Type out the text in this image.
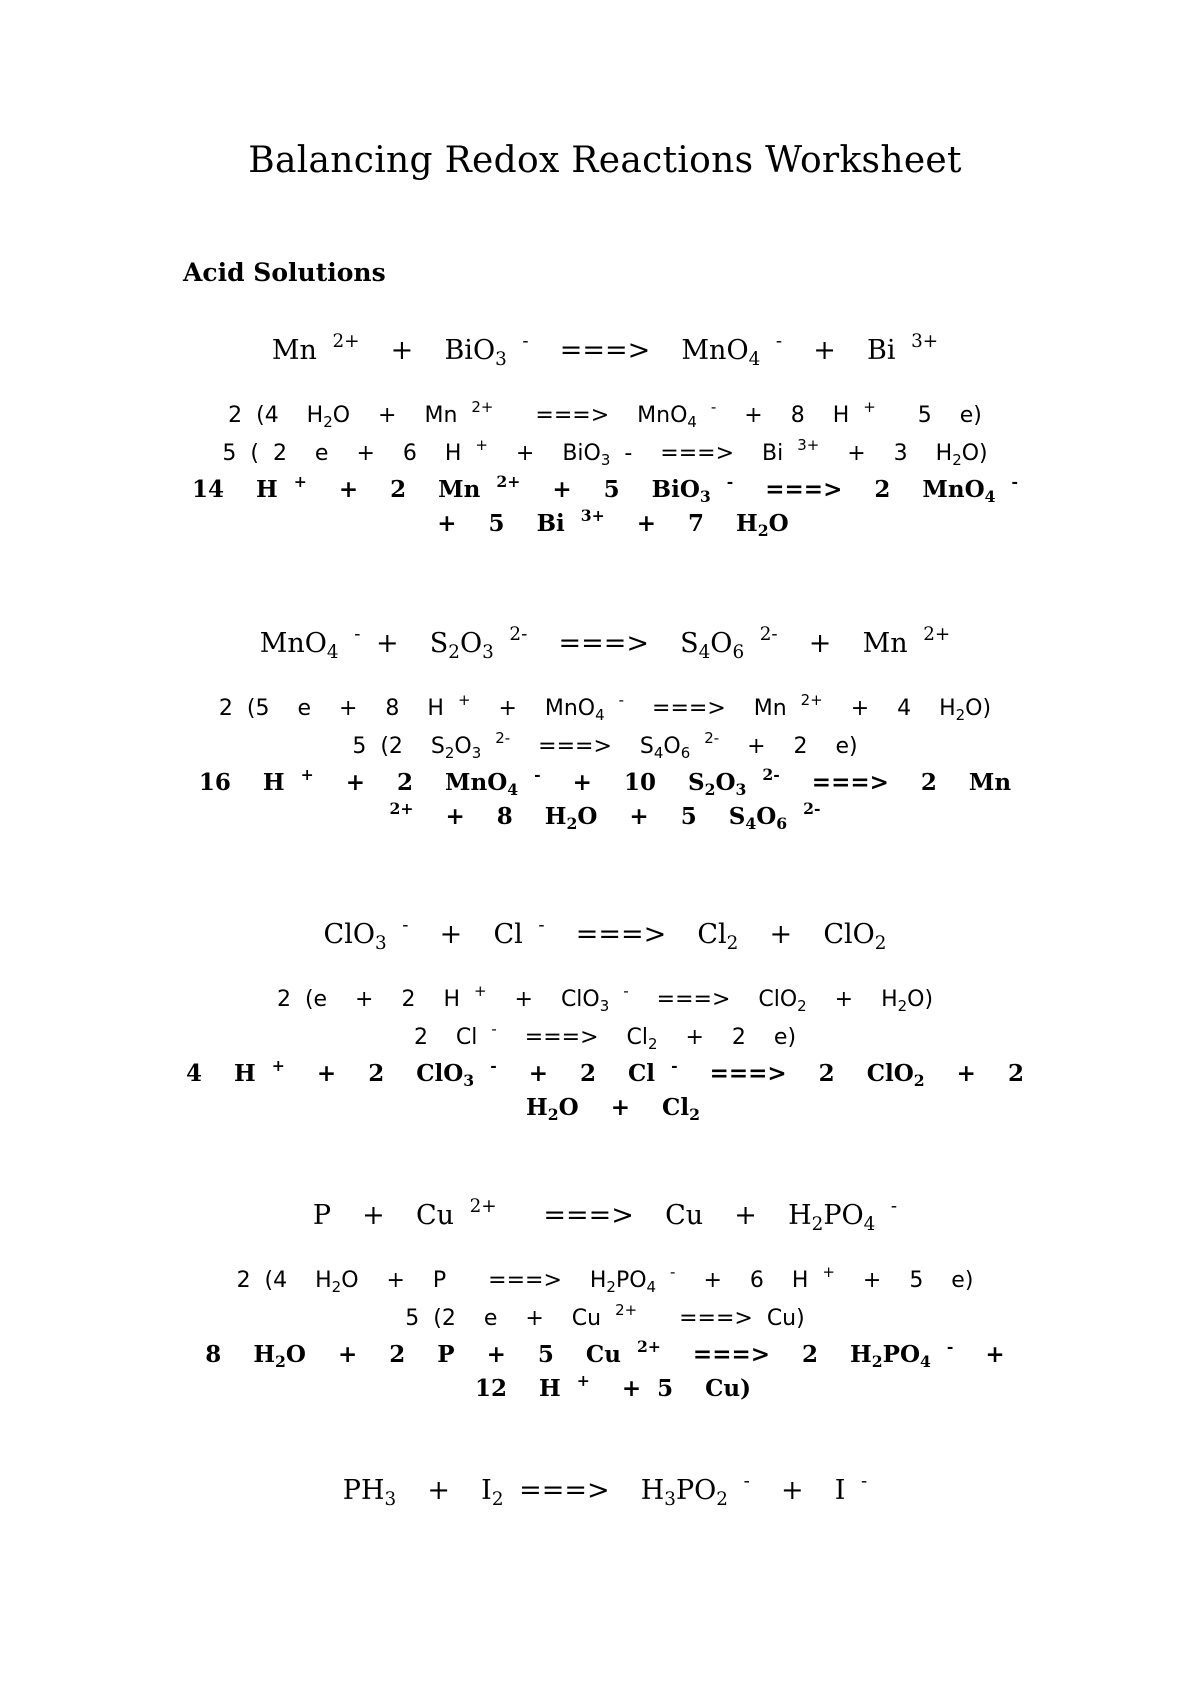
Balancing Redox Reactions Worksheet
Acid Solutions
Mn $^{2+}$  +  BiO$_3$ -  ===>  MnO$_4$ -  +  Bi $^{3+}$
2 (4  $H_2O + Mn$ $^{2+}$   ===>  MnO$_4$ -  +  8  H +   5  e)
5 ( 2  e  +  6  H +  +  BiO$_3$ -  ===>  Bi $^{3+}$  +  3  $H_2O$)
14  H +  +  2  Mn $^{2+}$  +  5  BiO$_3$ -  ===>  2  MnO$_4$ -  +  5  Bi $^{3+}$  +  7  $H_2O$
MnO$_4$ $^- + S_2O_3$ $^{2-}$  ===>  $S_4O_6$ $^{2-}$  +  Mn $^{2+}$
2 (5  e  +  8  H +  +  MnO$_4$ -  ===>  Mn $^{2+}$  +  4  $H_2O$)
5 (2  $S_2O_3$ $^{2-}$  ===>  $S_4O_6$ $^{2-}$  +  2  e)
16  H +  +  2  MnO$_4$ -  +  10  $S_2O_3$ $^{2-}$  ===>  2  Mn $^{2+}$  +  8  $H_2O + 5$  $S_4O_6$ $^{2-}$
ClO$_3$ -  +  Cl -  ===>  $Cl_2 + ClO_2$
2 (e  +  2  H +  +  ClO$_3$ -  ===>  $ClO_2 + H_2O$)
2  Cl -  ===>  $Cl_2 + 2$  e)
4  H +  +  2  ClO$_3$ -  +  2  Cl -  ===>  2  ClO$_2$  +  2  $H_2O + Cl_2$
P  +  Cu $^{2+}$   ===>  $Cu + H_2PO_4$ -
2 (4  $H_2O + P$   ===>  $H_2PO_4$ -  +  6  H +  +  5  e)
5 (2  e  +  Cu $^{2+}$   ===> Cu)
8  $H_2O + 2$  P  +  5  Cu $^{2+}$  ===>  2  $H_2PO_4$ -  +  12  H +  + 5  Cu)
$PH_3 + I_2$ ===>  $H_3PO_2$ -  +  I -
